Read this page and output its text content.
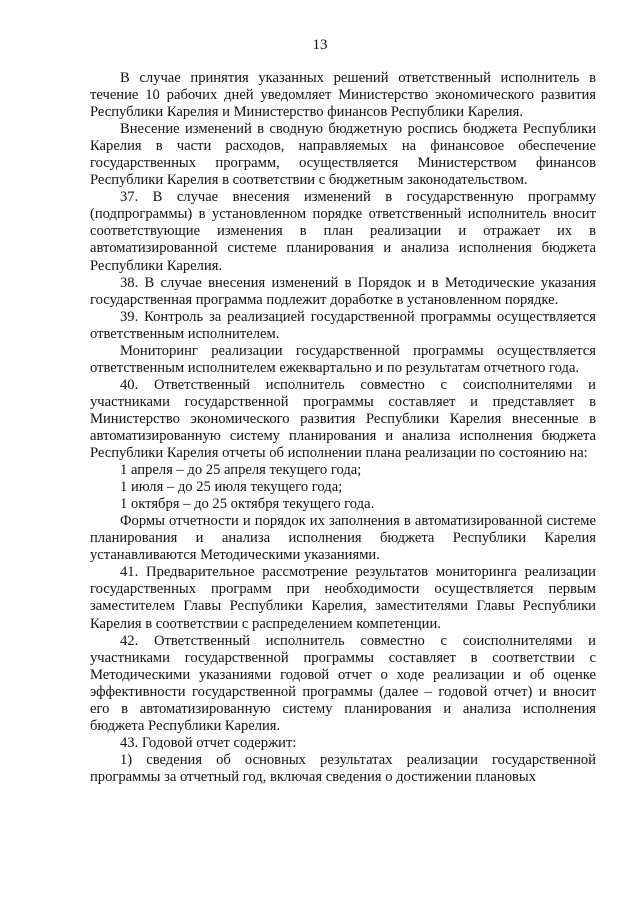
13

В случае принятия указанных решений ответственный исполнитель в течение 10 рабочих дней уведомляет Министерство экономического развития Республики Карелия и Министерство финансов Республики Карелия.

Внесение изменений в сводную бюджетную роспись бюджета Республики Карелия в части расходов, направляемых на финансовое обеспечение государственных программ, осуществляется Министерством финансов Республики Карелия в соответствии с бюджетным законодательством.

37. В случае внесения изменений в государственную программу (подпрограммы) в установленном порядке ответственный исполнитель вносит соответствующие изменения в план реализации и отражает их в автоматизированной системе планирования и анализа исполнения бюджета Республики Карелия.

38. В случае внесения изменений в Порядок и в Методические указания государственная программа подлежит доработке в установленном порядке.

39. Контроль за реализацией государственной программы осуществляется ответственным исполнителем.

Мониторинг реализации государственной программы осуществляется ответственным исполнителем ежеквартально и по результатам отчетного года.

40. Ответственный исполнитель совместно с соисполнителями и участниками государственной программы составляет и представляет в Министерство экономического развития Республики Карелия внесенные в автоматизированную систему планирования и анализа исполнения бюджета Республики Карелия отчеты об исполнении плана реализации по состоянию на:

1 апреля – до 25 апреля текущего года;

1 июля – до 25 июля текущего года;

1 октября – до 25 октября текущего года.

Формы отчетности и порядок их заполнения в автоматизированной системе планирования и анализа исполнения бюджета Республики Карелия устанавливаются Методическими указаниями.

41. Предварительное рассмотрение результатов мониторинга реализации государственных программ при необходимости осуществляется первым заместителем Главы Республики Карелия, заместителями Главы Республики Карелия в соответствии с распределением компетенции.

42. Ответственный исполнитель совместно с соисполнителями и участниками государственной программы составляет в соответствии с Методическими указаниями годовой отчет о ходе реализации и об оценке эффективности государственной программы (далее – годовой отчет) и вносит его в автоматизированную систему планирования и анализа исполнения бюджета Республики Карелия.

43. Годовой отчет содержит:

1) сведения об основных результатах реализации государственной программы за отчетный год, включая сведения о достижении плановых
